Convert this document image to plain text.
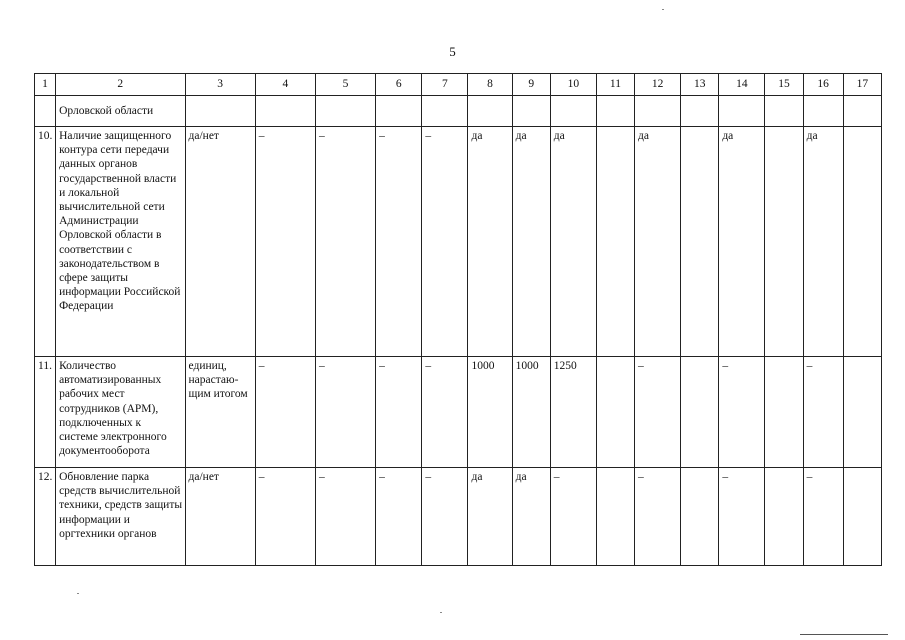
5
1	2	3	4	5	6	7	8	9	10	11	12	13	14	15	16	17
	Орловской области															
10.	Наличие защищенного контура сети передачи данных органов государственной власти и локальной вычислительной сети Администрации Орловской области в соответствии с законодательством в сфере защиты информации Российской Федерации	да/нет	–	–	–	–	да	да	да		да		да		да	
11.	Количество автоматизированных рабочих мест сотрудников (АРМ), подключенных к системе электронного документооборота	единиц, нарастаю-щим итогом	–	–	–	–	1000	1000	1250		–		–		–	
12.	Обновление парка средств вычислительной техники, средств защиты информации и оргтехники органов	да/нет	–	–	–	–	да	да	–		–		–		–	
